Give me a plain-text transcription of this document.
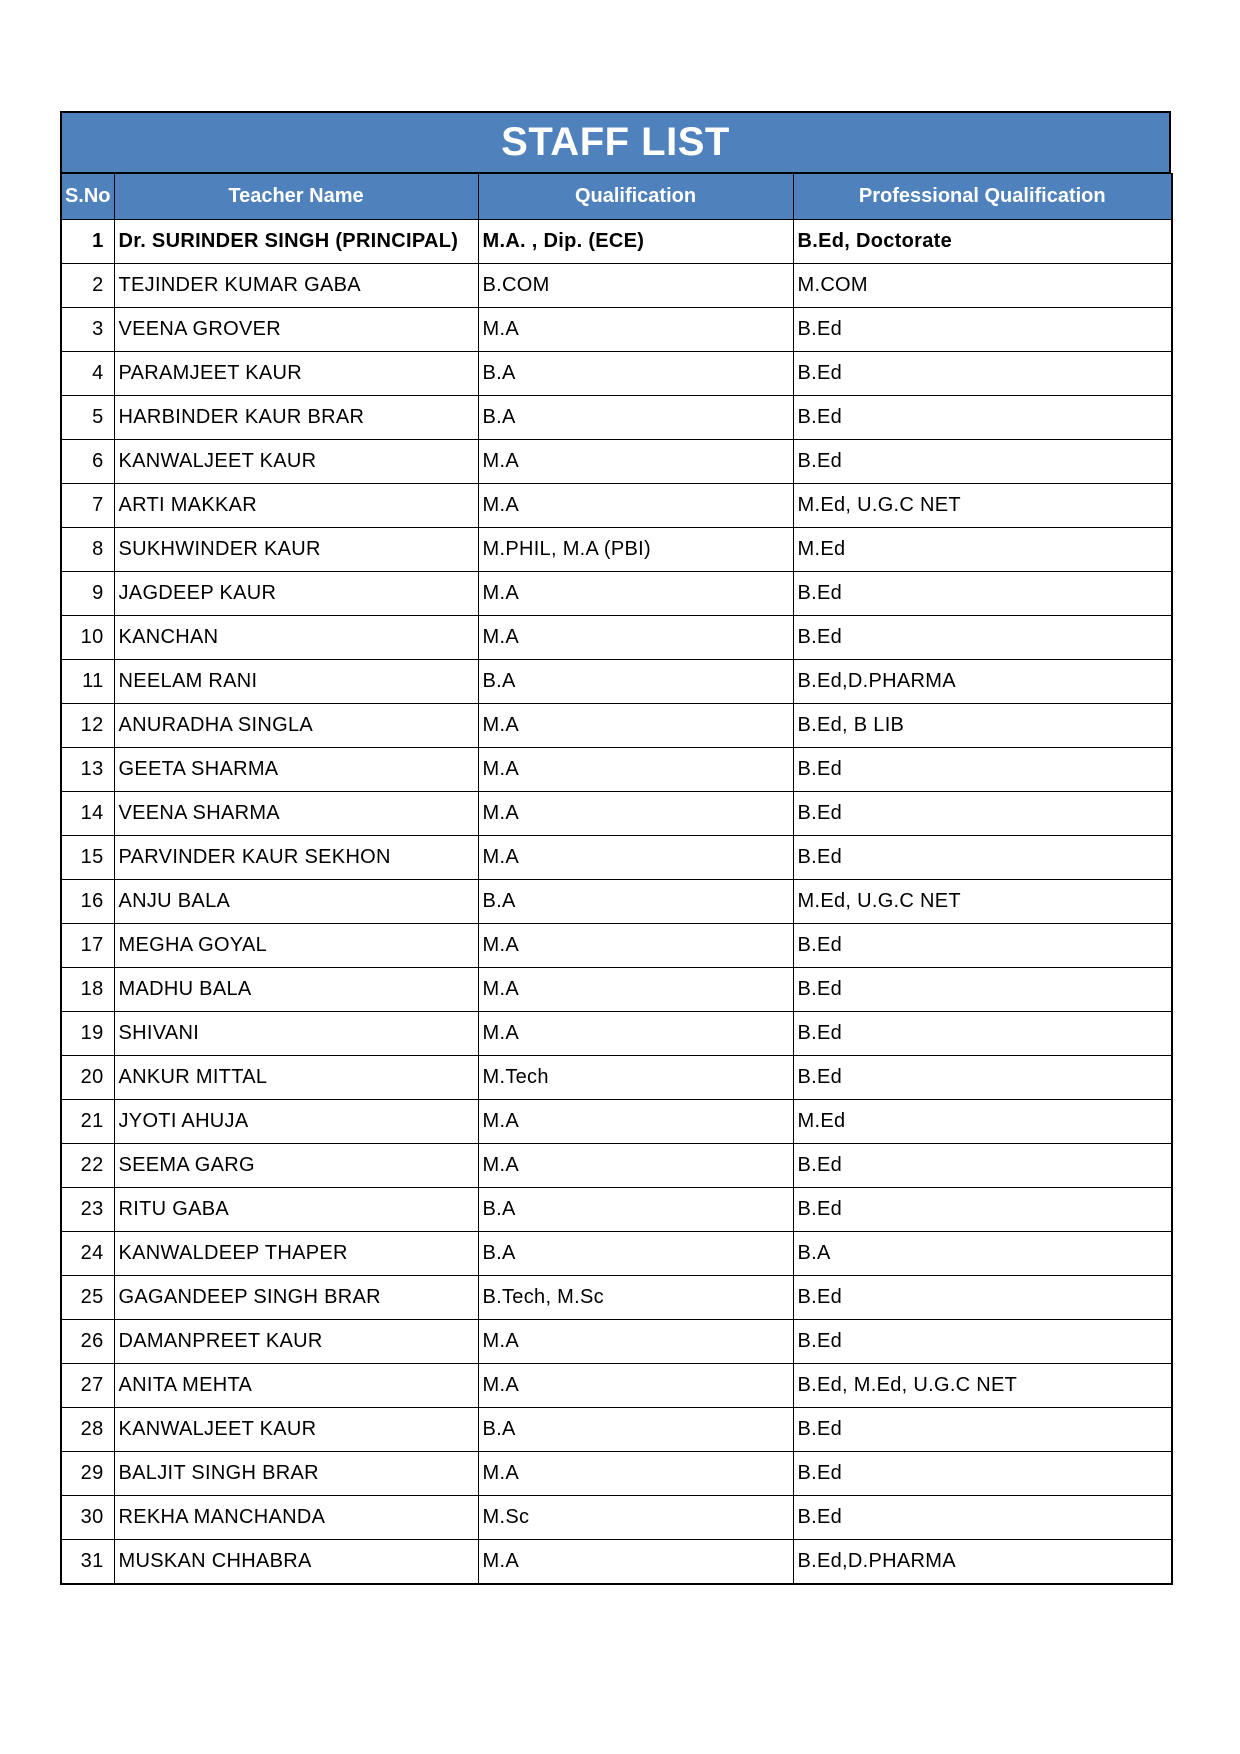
STAFF LIST
S.No	Teacher Name	Qualification	Professional Qualification
1	Dr. SURINDER SINGH (PRINCIPAL)	M.A. , Dip. (ECE)	B.Ed, Doctorate
2	TEJINDER KUMAR GABA	B.COM	M.COM
3	VEENA GROVER	M.A	B.Ed
4	PARAMJEET KAUR	B.A	B.Ed
5	HARBINDER KAUR BRAR	B.A	B.Ed
6	KANWALJEET KAUR	M.A	B.Ed
7	ARTI MAKKAR	M.A	M.Ed, U.G.C NET
8	SUKHWINDER KAUR	M.PHIL, M.A (PBI)	M.Ed
9	JAGDEEP KAUR	M.A	B.Ed
10	KANCHAN	M.A	B.Ed
11	NEELAM RANI	B.A	B.Ed,D.PHARMA
12	ANURADHA SINGLA	M.A	B.Ed, B LIB
13	GEETA SHARMA	M.A	B.Ed
14	VEENA SHARMA	M.A	B.Ed
15	PARVINDER KAUR SEKHON	M.A	B.Ed
16	ANJU BALA	B.A	M.Ed, U.G.C NET
17	MEGHA GOYAL	M.A	B.Ed
18	MADHU BALA	M.A	B.Ed
19	SHIVANI	M.A	B.Ed
20	ANKUR MITTAL	M.Tech	B.Ed
21	JYOTI AHUJA	M.A	M.Ed
22	SEEMA GARG	M.A	B.Ed
23	RITU GABA	B.A	B.Ed
24	KANWALDEEP THAPER	B.A	B.A
25	GAGANDEEP SINGH BRAR	B.Tech, M.Sc	B.Ed
26	DAMANPREET KAUR	M.A	B.Ed
27	ANITA MEHTA	M.A	B.Ed, M.Ed, U.G.C NET
28	KANWALJEET KAUR	B.A	B.Ed
29	BALJIT SINGH BRAR	M.A	B.Ed
30	REKHA MANCHANDA	M.Sc	B.Ed
31	MUSKAN CHHABRA	M.A	B.Ed,D.PHARMA
